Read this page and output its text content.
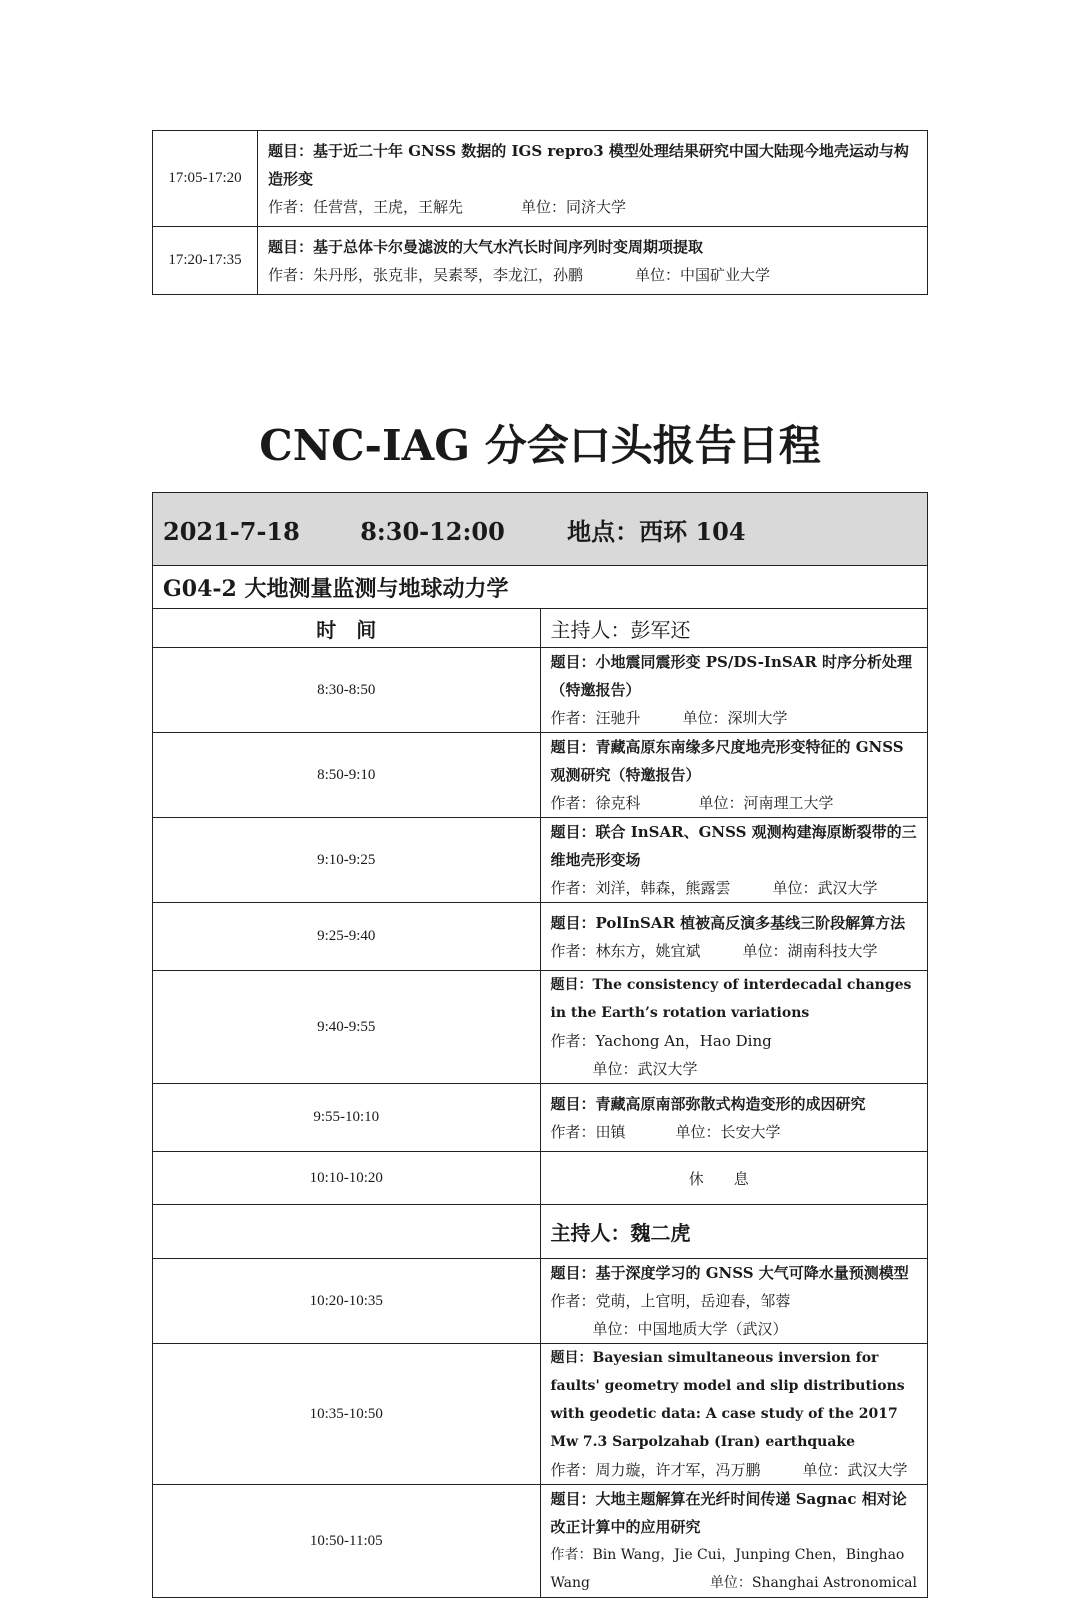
17:05-17:20	题目：基于近二十年 GNSS 数据的 IGS repro3 模型处理结果研究中国大陆现今地壳运动与构造形变
作者：任营营，王虎，王解先 单位：同济大学

17:20-17:35	题目：基于总体卡尔曼滤波的大气水汽长时间序列时变周期项提取
作者：朱丹彤，张克非，吴素琴，李龙江，孙鹏 单位：中国矿业大学
CNC-IAG 分会口头报告日程
2021-7-18 8:30-12:00 地点：西环 104	
G04-2 大地测量监测与地球动力学	
时　间	主持人：彭军还
8:30-8:50	题目：小地震同震形变 PS/DS-InSAR 时序分析处理（特邀报告）
作者：汪驰升 单位：深圳大学

8:50-9:10	题目：青藏高原东南缘多尺度地壳形变特征的 GNSS 观测研究（特邀报告）
作者：徐克科 单位：河南理工大学

9:10-9:25	题目：联合 InSAR、GNSS 观测构建海原断裂带的三维地壳形变场
作者：刘洋，韩森，熊露雲 单位：武汉大学

9:25-9:40	题目：PolInSAR 植被高反演多基线三阶段解算方法
作者：林东方，姚宜斌 单位：湖南科技大学

9:40-9:55	题目：The consistency of interdecadal changes in the Earth’s rotation variations
作者：Yachong An，Hao Ding单位：武汉大学

9:55-10:10	题目：青藏高原南部弥散式构造变形的成因研究
作者：田镇 单位：长安大学

10:10-10:20	休息
	主持人：魏二虎
10:20-10:35	题目：基于深度学习的 GNSS 大气可降水量预测模型
作者：党萌，上官明，岳迎春，邹蓉单位：中国地质大学（武汉）

10:35-10:50	题目：Bayesian simultaneous inversion for faults' geometry model and slip distributions with geodetic data: A case study of the 2017 Mw 7.3 Sarpolzahab (Iran) earthquake
作者：周力璇，许才军，冯万鹏 单位：武汉大学

10:50-11:05	题目：大地主题解算在光纤时间传递 Sagnac 相对论改正计算中的应用研究
作者：Bin Wang，Jie Cui，Junping Chen，Binghao Wang 单位：Shanghai Astronomical
